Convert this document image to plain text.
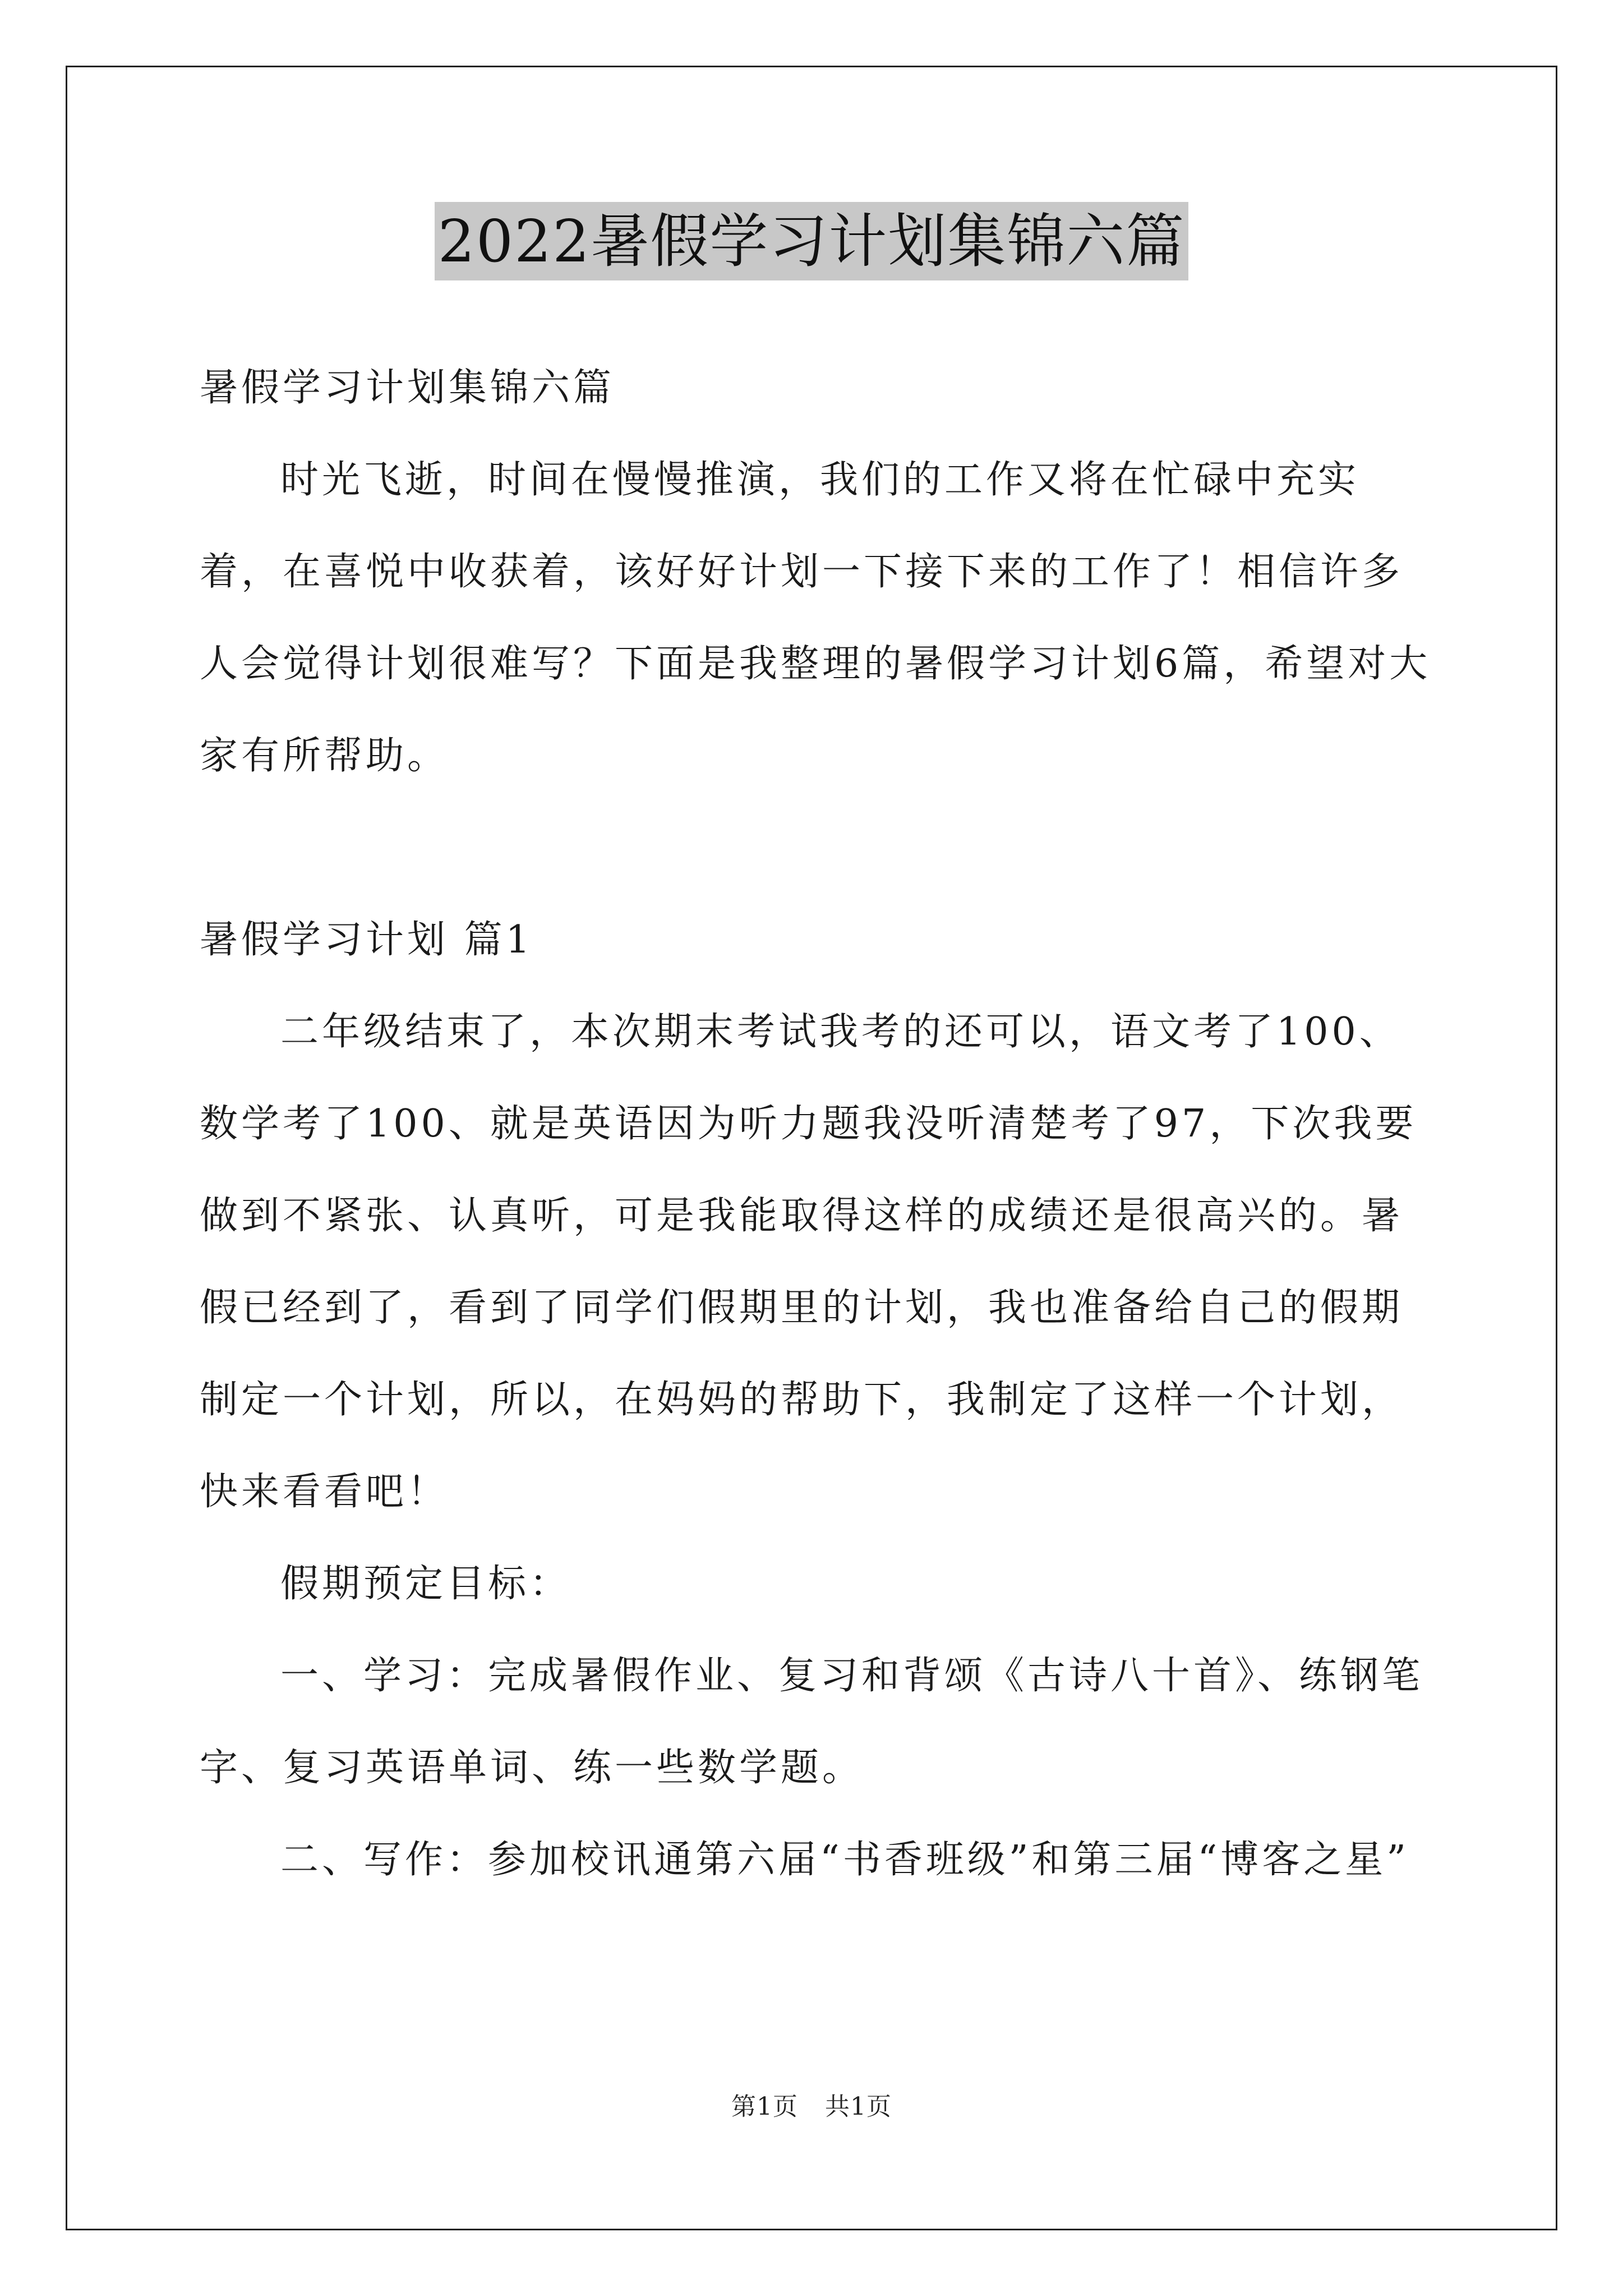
2022暑假学习计划集锦六篇

暑假学习计划集锦六篇

时光飞逝，时间在慢慢推演，我们的工作又将在忙碌中充实着，在喜悦中收获着，该好好计划一下接下来的工作了！相信许多人会觉得计划很难写？下面是我整理的暑假学习计划6篇，希望对大家有所帮助。

暑假学习计划 篇1

二年级结束了，本次期末考试我考的还可以，语文考了100、数学考了100、就是英语因为听力题我没听清楚考了97，下次我要做到不紧张、认真听，可是我能取得这样的成绩还是很高兴的。暑假已经到了，看到了同学们假期里的计划，我也准备给自己的假期制定一个计划，所以，在妈妈的帮助下，我制定了这样一个计划，快来看看吧！

假期预定目标：

一、学习：完成暑假作业、复习和背颂《古诗八十首》、练钢笔字、复习英语单词、练一些数学题。

二、写作：参加校讯通第六届“书香班级”和第三届“博客之星”

第1页 共1页
